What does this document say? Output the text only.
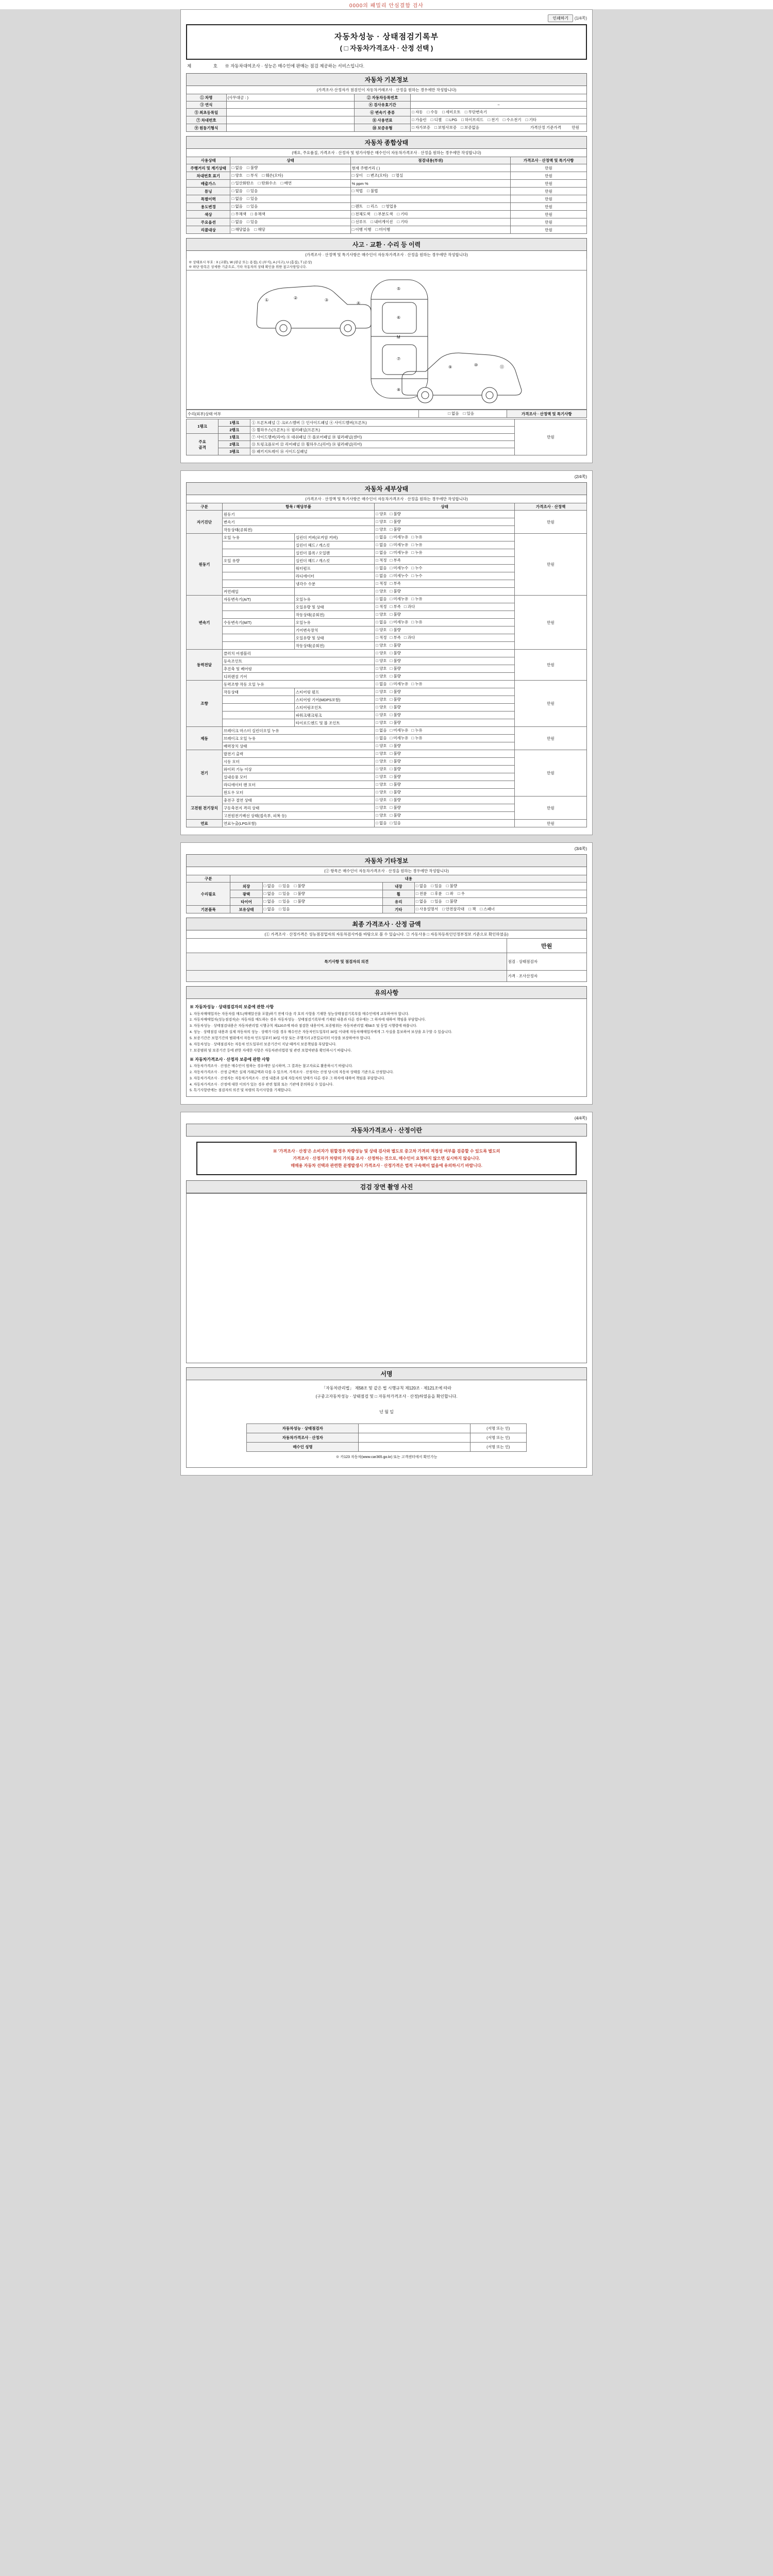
0000의 패밀리 안심결함 검사
인쇄하기 (1/4쪽)
자동차성능 · 상태점검기록부
( □ 자동차가격조사 · 산정 선택 )
제	호 ※ 자동차대여조사 · 성능은 매수인에 판매는 점검 제공하는 서비스입니다.
자동차 기본정보
(가격조사·산정자가 점검인이 자동차거래조사 · 산정을 원하는 경우에만 작성합니다)
① 차명	(사무대금 : )	② 자동차등록번호	
③ 연식		④ 검사유효기간	~
⑤ 최초등록일		⑥ 변속기 종류	□ 자동 □ 수동 □ 세미오토 □ 무단변속기
⑦ 차대번호		⑧ 사용연료	□ 가솔린 □ 디젤 □ LPG □ 하이브리드 □ 전기 □ 수소전기 □ 기타
⑨ 원동기형식		⑩ 보증유형	□ 자가보증 □ 보험사보증 □ 보증없음 가격산정 기준가격 만원
자동차 종합상태
(매요, 주요품질, 가격조사 · 산정자 및 평가사항은 매수인이 자동차가격조사 · 산정을 원하는 경우에만 작성합니다)
사용상태	상태	점검내용(부위)	가격조사 · 산정액 및 특기사항
주행거리 및 계기상태	□ 없음 □ 불량	현재 주행거리 ( )	만원
차대번호 표기	□ 양호 □ 부식 □ 훼손(오타)	□ 상이 □ 변조(오타) □ 멸실	만원
배출가스	□ 일산화탄소 □ 탄화수소 □ 매연	% ppm %	만원
튜닝	□ 없음 □ 있음	□ 적법 □ 불법	만원
특별이력	□ 없음 □ 있음		만원
용도변경	□ 없음 □ 있음	□ 렌트 □ 리스 □ 영업용	만원
색상	□ 무채색 □ 유채색	□ 전체도색 □ 부분도색 □ 기타	만원
주요옵션	□ 없음 □ 있음	□ 선루프 □ 내비게이션 □ 기타	만원
리콜대상	□ 해당없음 □ 해당	□ 이행 이행 □ 미이행	만원
사고 · 교환 · 수리 등 이력
(가격조사 · 산정액 및 특기사항은 매수인이 자동차가격조사 · 산정을 원하는 경우에만 작성합니다)
※ 상태표시 부호 : X (교환), W (판금 또는 용접), C (부식), A (사고), U (흠집), T (손상)
※ 하단 항목은 상세한 기준으로, 기타 자동차의 상태 확인을 위한 참고사항입니다.
①	②	③
④
⑤
⑥
⑦
⑧
⑨	⑩	⑪
M
수리(외부)상태 여부	□없음 □ 있음	가격조사 · 산정액 및 특기사항
1랭크	1랭크	① 프론트패널 ② 크로스멤버 ③ 인사이드패널 ④ 사이드멤버(프론트)	만원
	2랭크	⑤ 휠하우스(프론트) ⑥ 필러패널(프론트)	
주요
골격	1랭크	⑦ 사이드멤버(리어) ⑧ 대쉬패널 ⑨ 플로어패널 ⑩ 필러패널(센터)	
	2랭크	⑪ 트렁크플로어 ⑫ 리어패널 ⑬ 휠하우스(리어) ⑭ 필러패널(리어)	
	3랭크	⑮ 패키지트레이 ⑯ 사이드실패널	
(2/4쪽)
자동차 세부상태
(가격조사 · 산정액 및 특기사항은 매수인이 자동차가격조사 · 산정을 원하는 경우에만 작성합니다)
구분	항목 / 해당부품		상태	가격조사 · 산정액
자기진단	원동기		□ 양호 □ 불량	만원
	변속기		□ 양호 □ 불량
	작동상태(공회전)		□ 양호 □ 불량
원동기	오일 누유	실린더 커버(로커암 커버)	□ 없음 □ 미세누유 □ 누유	만원
		실린더 헤드 / 개스킷	□ 없음 □ 미세누유 □ 누유
		실린더 블록 / 오일팬	□ 없음 □ 미세누유 □ 누유
	오일 유량	실린더 헤드 / 개스킷	□ 적정 □ 부족
		워터펌프	□ 없음 □ 미세누수 □ 누수
		라디에이터	□ 없음 □ 미세누수 □ 누수
		냉각수 수분	□ 적정 □ 부족
	커먼레일		□ 양호 □ 불량
변속기	자동변속기(A/T)	오일누유	□ 없음 □ 미세누유 □ 누유	만원
		오일유량 및 상태	□ 적정 □ 부족 □ 과다
		작동상태(공회전)	□ 양호 □ 불량
	수동변속기(M/T)	오일누유	□ 없음 □ 미세누유 □ 누유
		기어변속장치	□ 양호 □ 불량
		오일유량 및 상태	□ 적정 □ 부족 □ 과다
		작동상태(공회전)	□ 양호 □ 불량
동력전달	클러치 어셈블리		□ 양호 □ 불량	만원
	등속조인트		□ 양호 □ 불량
	추진축 및 베어링		□ 양호 □ 불량
	디퍼렌셜 기어		□ 양호 □ 불량
조향	동력조향 작동 오일 누유		□ 없음 □ 미세누유 □ 누유	만원
	작동상태	스티어링 펌프	□ 양호 □ 불량
		스티어링 기어(MDPS포함)	□ 양호 □ 불량
		스티어링조인트	□ 양호 □ 불량
		파워크랭크링크	□ 양호 □ 불량
		타이로드엔드 및 볼 조인트	□ 양호 □ 불량
제동	브레이크 마스터 실린더오일 누유		□ 없음 □ 미세누유 □ 누유	만원
	브레이크 오일 누유		□ 없음 □ 미세누유 □ 누유
	배력장치 상태		□ 양호 □ 불량
전기	발전기 출력		□ 양호 □ 불량	만원
	시동 모터		□ 양호 □ 불량
	와이퍼 기능 이상		□ 양호 □ 불량
	실내송풍 모터		□ 양호 □ 불량
	라디에이터 팬 모터		□ 양호 □ 불량
	윈도우 모터		□ 양호 □ 불량
고전원 전기장치	충전구 절연 상태		□ 양호 □ 불량	만원
	구동축전지 격리 상태		□ 양호 □ 불량
	고전원전기배선 상태(접속부, 피복 등)		□ 양호 □ 불량
연료	연료누출(LPG포함)		□ 없음 □ 있음	만원
(3/4쪽)
자동차 기타정보
(② 항목은 매수인이 자동차가격조사 · 산정을 원하는 경우에만 작성합니다)
구분	내용			
수리필요	외장	□ 없음 □ 있음 □ 불량	내장	□ 없음 □ 있음 □ 불량
	광택	□ 없음 □ 있음 □ 불량	휠	□ 전륜 □ 후륜 □ 좌 □ 우
	타이어	□ 없음 □ 있음 □ 불량	유리	□ 없음 □ 있음 □ 불량
기본품목	보유상태	□ 없음 □ 있음	기타	□ 사용설명서 □ 안전삼각대 □ 잭 □ 스패너
최종 가격조사 · 산정 금액
(① 가격조사 · 산정가격은 성능점검업자의 자동차검사카를 바탕으로 볼 수 있습니다. ② 가동사용 □ 자동차등록인인정부정보 기준으로 확인하였음)
	만원
특기사항 및 점검자의 의견	점검 · 상태점검자
	가격 · 조사산정자
유의사항
※ 자동차성능 · 상태점검자의 보증에 관한 사항

1. 자동차매매업자는 자동차를 매도(매매알선을 포함)하기 전에 다음 각 호의 사항을 기재한 성능상태점검기록부를 매수인에게 교부하여야 합니다.

2. 자동차매매업자(성능점검자)는 자동차를 매도하는 경우 자동차성능 · 상태점검기록부에 기재된 내용과 다른 경우에는 그 하자에 대하여 책임을 부담합니다.

3. 자동차성능 · 상태점검내용은 자동차관리법 시행규칙 제120조에 따라 점검한 내용이며, 보증범위는 자동차관리법 제58조 및 동법 시행령에 따릅니다.

4. 성능 · 상태점검 내용과 실제 자동차의 성능 · 상태가 다를 경우 매수인은 자동차인도일부터 30일 이내에 자동차매매업자에게 그 사실을 통보하여 보상을 요구할 수 있습니다.

5. 보증기간은 보험기간의 범위에서 자동차 인도일부터 30일 이상 또는 주행거리 2천킬로미터 이상을 보장하여야 합니다.

6. 자동차성능 · 상태점검자는 자동차 인도일부터 보증기간이 지날 때까지 보증책임을 부담합니다.

7. 보증범위 및 보증기간 등에 관한 자세한 사항은 자동차관리법령 및 관련 보험약관을 확인하시기 바랍니다.

※ 자동차가격조사 · 산정자 보증에 관한 사항

1. 자동차가격조사 · 산정은 매수인이 원하는 경우에만 실시하며, 그 결과는 참고자료로 활용하시기 바랍니다.

2. 자동차가격조사 · 산정 금액은 실제 거래금액과 다를 수 있으며, 가격조사 · 산정자는 산정 당시의 자동차 상태를 기준으로 산정합니다.

3. 자동차가격조사 · 산정자는 자동차가격조사 · 산정 내용과 실제 자동차의 상태가 다른 경우 그 하자에 대하여 책임을 부담합니다.

4. 자동차가격조사 · 산정에 대한 이의가 있는 경우 관련 협회 또는 기관에 문의하실 수 있습니다.

5. 특기사항란에는 점검자의 의견 및 차량의 특이사항을 기재합니다.

(4/4쪽)
자동차가격조사 · 산정이란
※ '가격조사 · 산정'은 소비자가 원할경우 차량성능 및 상태 검사와 별도로 중고차 가격의 적정성 여부를 검증할 수 있도록 별도의
가격조사 · 산정자가 차량의 가치를 조사 · 산정하는 것으로, 매수인이 요청하지 않으면 실시하지 않습니다.
매매용 자동차 선택과 관련한 분쟁발생시 가격조사 · 산정가격은 법적 구속력이 없음에 유의하시기 바랍니다.
검검 장면 촬영 사진
서명
「자동차관리법」 제58조 및 같은 법 시행규칙 제120조 · 제121조에 따라
(구중고자동차성능 · 상태점검 및 □ 자동차가격조사 · 산정)하였음을 확인합니다.
년 월 일
자동차성능 · 상태점검자		(서명 또는 인)
자동차가격조사 · 산정자		(서명 또는 인)
매수인 성명		(서명 또는 인)
※ 카123 자동차(www.car365.go.kr) 또는 고객센터에서 확인가능
